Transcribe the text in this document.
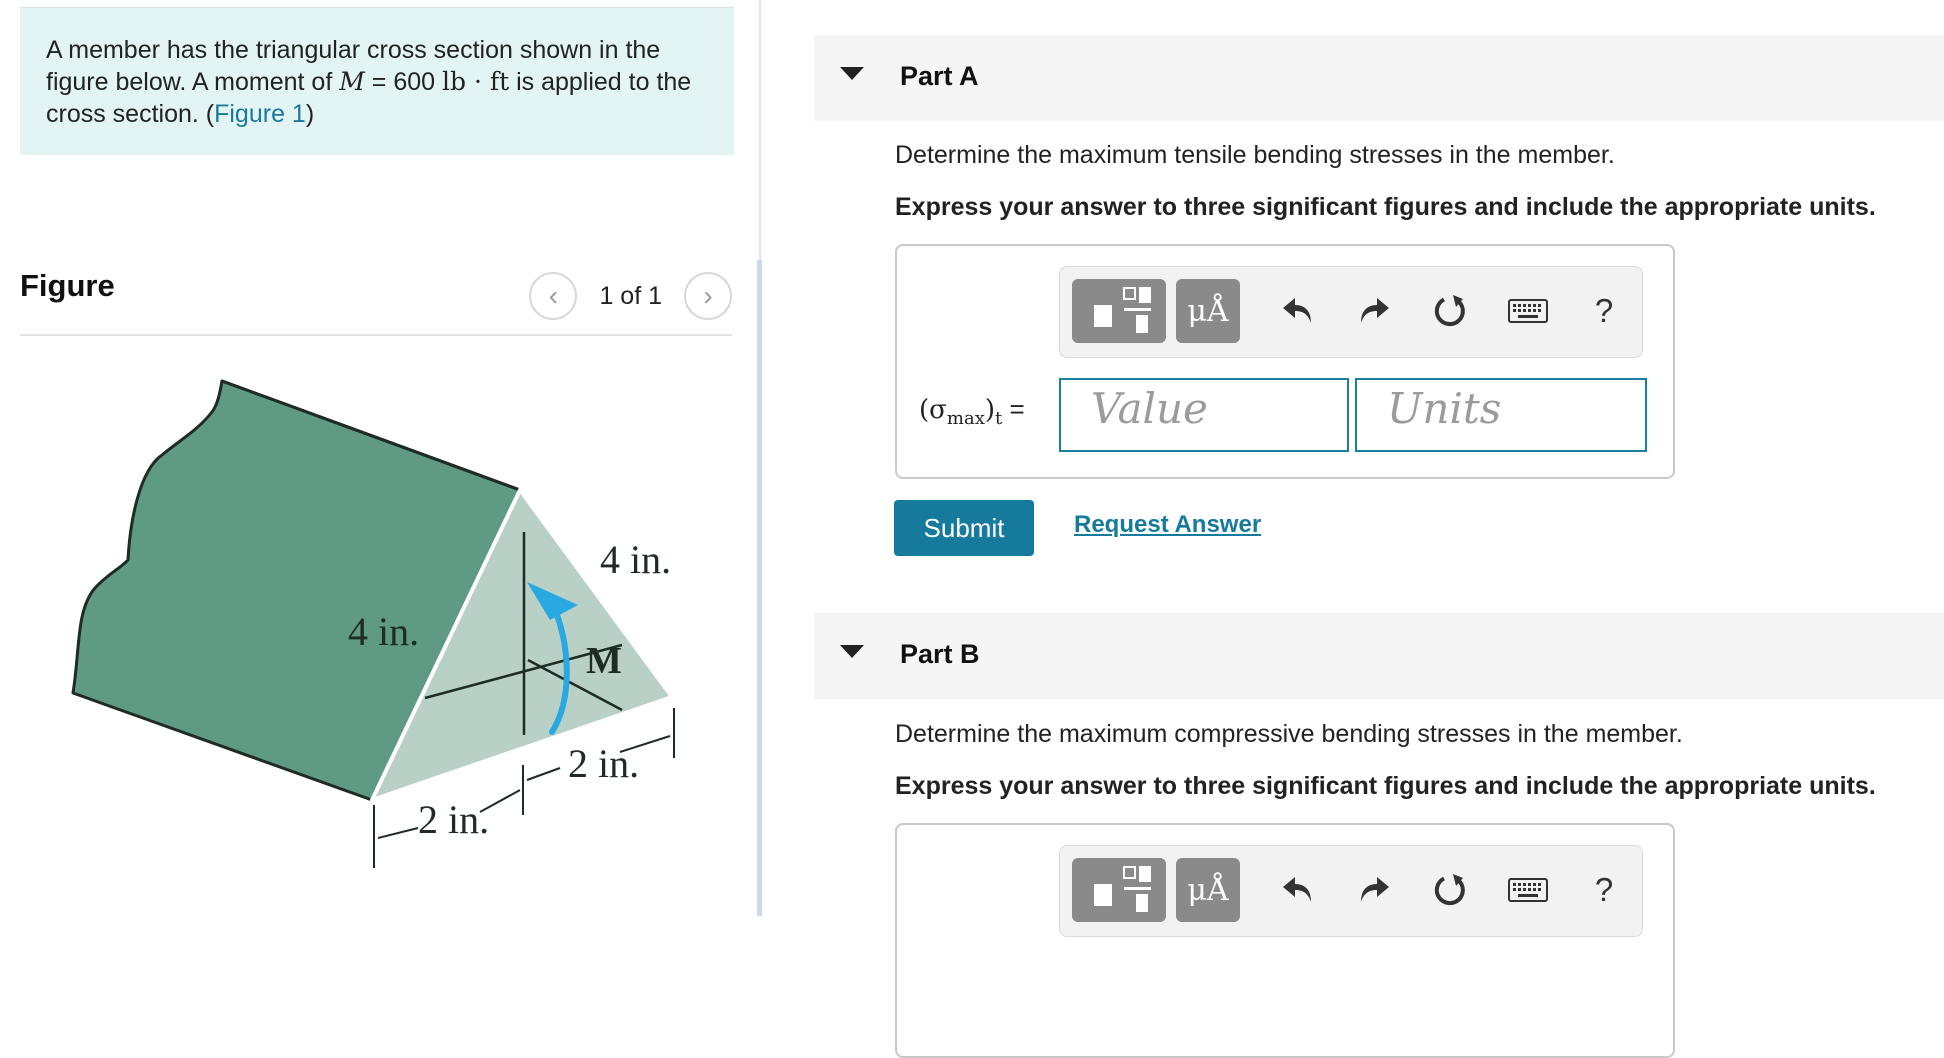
A member has the triangular cross section shown in the figure below. A moment of M = 600 lb · ft is applied to the cross section. (Figure 1)
Figure	‹ 1 of 1 ›
4 in.
4 in.
M
2 in.
2 in.
Part A
Determine the maximum tensile bending stresses in the member.
Express your answer to three significant figures and include the appropriate units.
μÅ	?
$(\sigma_{max})_t$ =	Value	Units
Submit	Request Answer
Part B
Determine the maximum compressive bending stresses in the member.
Express your answer to three significant figures and include the appropriate units.
μÅ	?
